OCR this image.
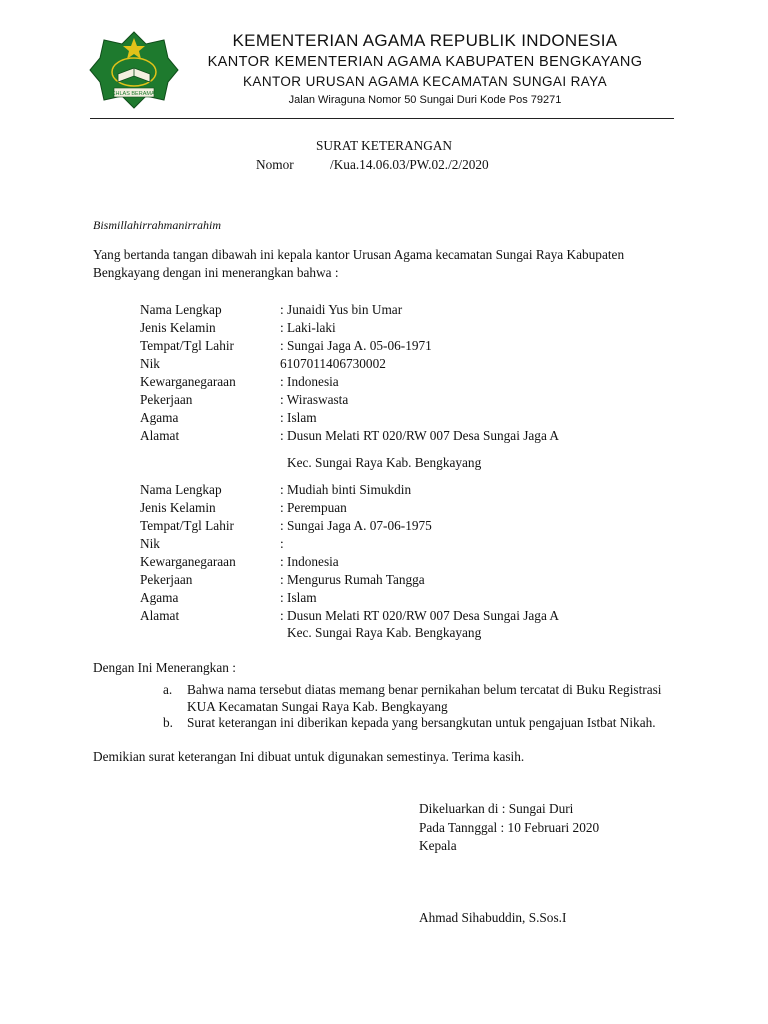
IKHLAS BERAMAL
KEMENTERIAN AGAMA REPUBLIK INDONESIA
KANTOR KEMENTERIAN AGAMA KABUPATEN BENGKAYANG
KANTOR URUSAN AGAMA KECAMATAN SUNGAI RAYA
Jalan Wiraguna Nomor 50 Sungai Duri Kode Pos 79271
SURAT KETERANGAN
Nomor	/Kua.14.06.03/PW.02./2/2020
Bismillahirrahmanirrahim
Yang bertanda tangan dibawah ini kepala kantor Urusan Agama kecamatan Sungai Raya Kabupaten Bengkayang dengan ini menerangkan bahwa :
Nama Lengkap	: Junaidi Yus bin Umar
Jenis Kelamin	: Laki-laki
Tempat/Tgl Lahir	: Sungai Jaga A. 05-06-1971
Nik	6107011406730002
Kewarganegaraan	: Indonesia
Pekerjaan	: Wiraswasta
Agama	: Islam
Alamat	: Dusun Melati RT 020/RW 007 Desa Sungai Jaga A
Kec. Sungai Raya Kab. Bengkayang
Nama Lengkap	: Mudiah binti Simukdin
Jenis Kelamin	: Perempuan
Tempat/Tgl Lahir	: Sungai Jaga A. 07-06-1975
Nik	:
Kewarganegaraan	: Indonesia
Pekerjaan	: Mengurus Rumah Tangga
Agama	: Islam
Alamat	: Dusun Melati RT 020/RW 007 Desa Sungai Jaga A
Kec. Sungai Raya Kab. Bengkayang
Dengan Ini Menerangkan :
a. Bahwa nama tersebut diatas memang benar pernikahan belum tercatat di Buku Registrasi KUA Kecamatan Sungai Raya Kab. Bengkayang
b. Surat keterangan ini diberikan kepada yang bersangkutan untuk pengajuan Istbat Nikah.
Demikian surat keterangan Ini dibuat untuk digunakan semestinya. Terima kasih.
Dikeluarkan di : Sungai Duri
Pada Tannggal : 10 Februari 2020
Kepala
Ahmad Sihabuddin, S.Sos.I
